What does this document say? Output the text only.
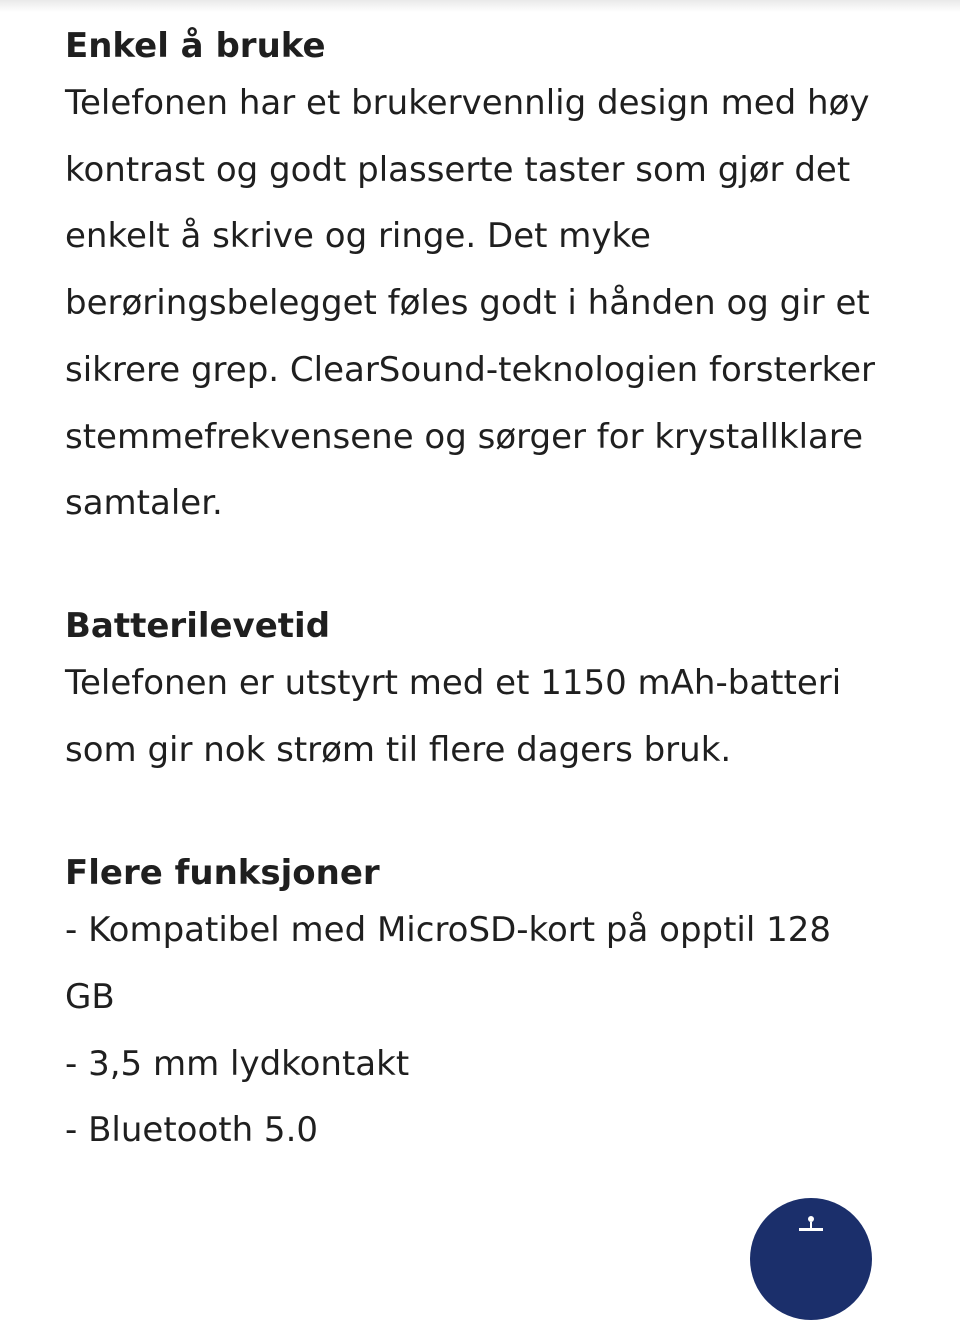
Enkel å bruke

Telefonen har et brukervennlig design med høy

kontrast og godt plasserte taster som gjør det

enkelt å skrive og ringe. Det myke

berøringsbelegget føles godt i hånden og gir et

sikrere grep. ClearSound-teknologien forsterker

stemmefrekvensene og sørger for krystallklare

samtaler.

Batterilevetid

Telefonen er utstyrt med et 1150 mAh-batteri

som gir nok strøm til flere dagers bruk.

Flere funksjoner

- Kompatibel med MicroSD-kort på opptil 128

GB

- 3,5 mm lydkontakt

- Bluetooth 5.0
